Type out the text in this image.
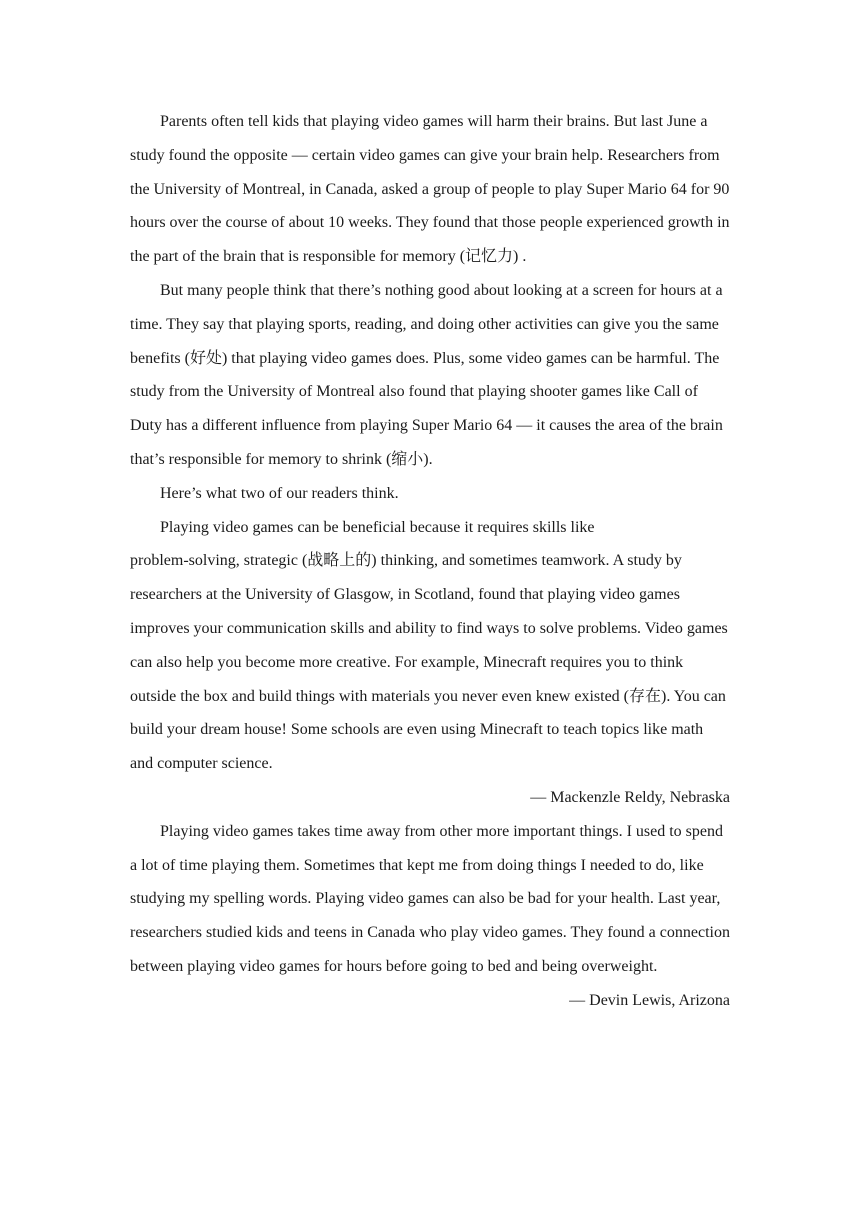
Parents often tell kids that playing video games will harm their brains. But last June a study found the opposite — certain video games can give your brain help. Researchers from the University of Montreal, in Canada, asked a group of people to play Super Mario 64 for 90 hours over the course of about 10 weeks. They found that those people experienced growth in the part of the brain that is responsible for memory (记忆力) .

But many people think that there’s nothing good about looking at a screen for hours at a time. They say that playing sports, reading, and doing other activities can give you the same benefits (好处) that playing video games does. Plus, some video games can be harmful. The study from the University of Montreal also found that playing shooter games like Call of Duty has a different influence from playing Super Mario 64 — it causes the area of the brain that’s responsible for memory to shrink (缩小).

Here’s what two of our readers think.

Playing video games can be beneficial because it requires skills like
problem-solving, strategic (战略上的) thinking, and sometimes teamwork. A study by researchers at the University of Glasgow, in Scotland, found that playing video games improves your communication skills and ability to find ways to solve problems. Video games can also help you become more creative. For example, Minecraft requires you to think outside the box and build things with materials you never even knew existed (存在). You can build your dream house! Some schools are even using Minecraft to teach topics like math and computer science.

— Mackenzle Reldy, Nebraska

Playing video games takes time away from other more important things. I used to spend a lot of time playing them. Sometimes that kept me from doing things I needed to do, like studying my spelling words. Playing video games can also be bad for your health. Last year, researchers studied kids and teens in Canada who play video games. They found a connection between playing video games for hours before going to bed and being overweight.

— Devin Lewis, Arizona
